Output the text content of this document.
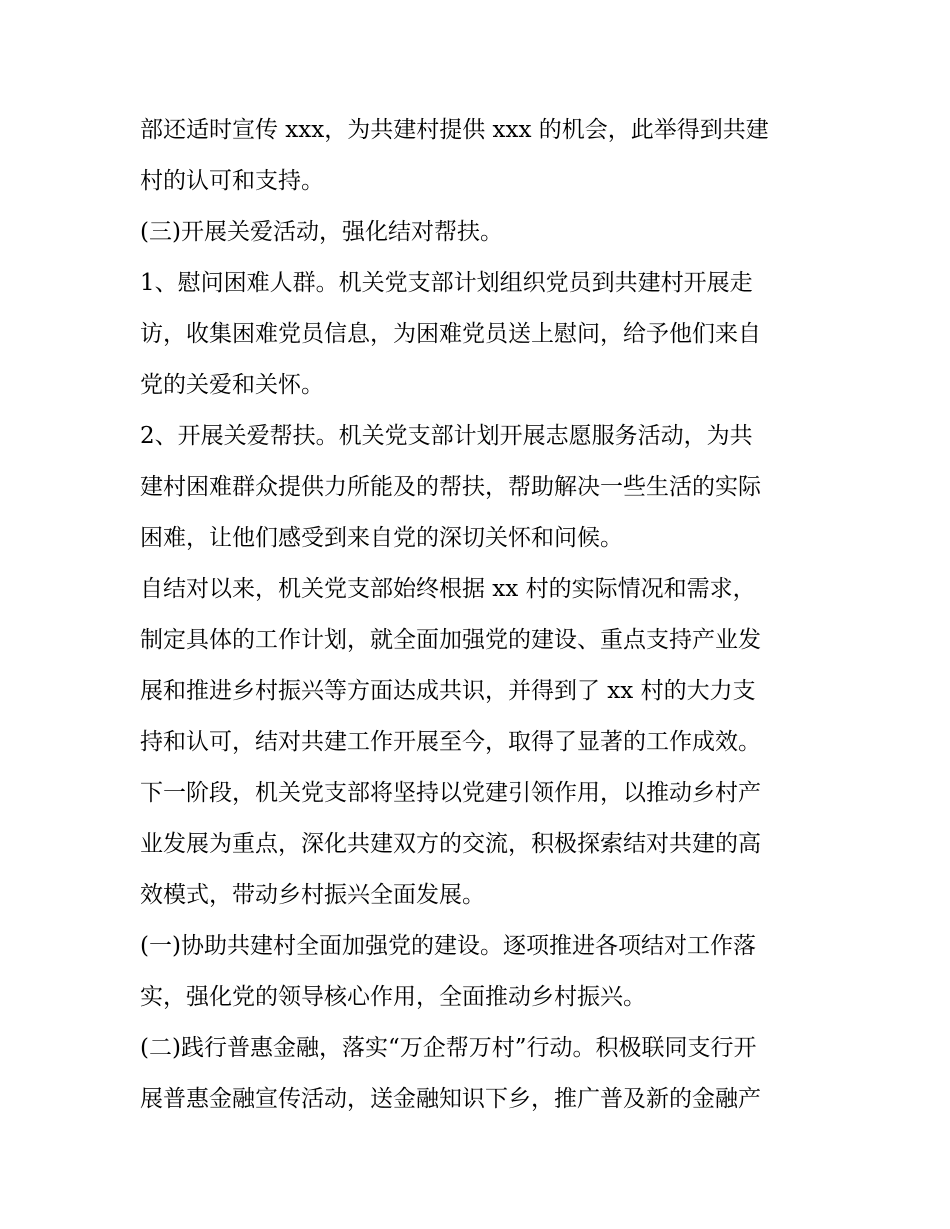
部还适时宣传 xxx，为共建村提供 xxx 的机会，此举得到共建
村的认可和支持。

(三)开展关爱活动，强化结对帮扶。

1、慰问困难人群。机关党支部计划组织党员到共建村开展走
访，收集困难党员信息，为困难党员送上慰问，给予他们来自
党的关爱和关怀。

2、开展关爱帮扶。机关党支部计划开展志愿服务活动，为共
建村困难群众提供力所能及的帮扶，帮助解决一些生活的实际
困难，让他们感受到来自党的深切关怀和问候。

自结对以来，机关党支部始终根据 xx 村的实际情况和需求，
制定具体的工作计划，就全面加强党的建设、重点支持产业发
展和推进乡村振兴等方面达成共识，并得到了 xx 村的大力支
持和认可，结对共建工作开展至今，取得了显著的工作成效。

下一阶段，机关党支部将坚持以党建引领作用，以推动乡村产
业发展为重点，深化共建双方的交流，积极探索结对共建的高
效模式，带动乡村振兴全面发展。

(一)协助共建村全面加强党的建设。逐项推进各项结对工作落
实，强化党的领导核心作用，全面推动乡村振兴。

(二)践行普惠金融，落实“万企帮万村”行动。积极联同支行开
展普惠金融宣传活动，送金融知识下乡，推广普及新的金融产
